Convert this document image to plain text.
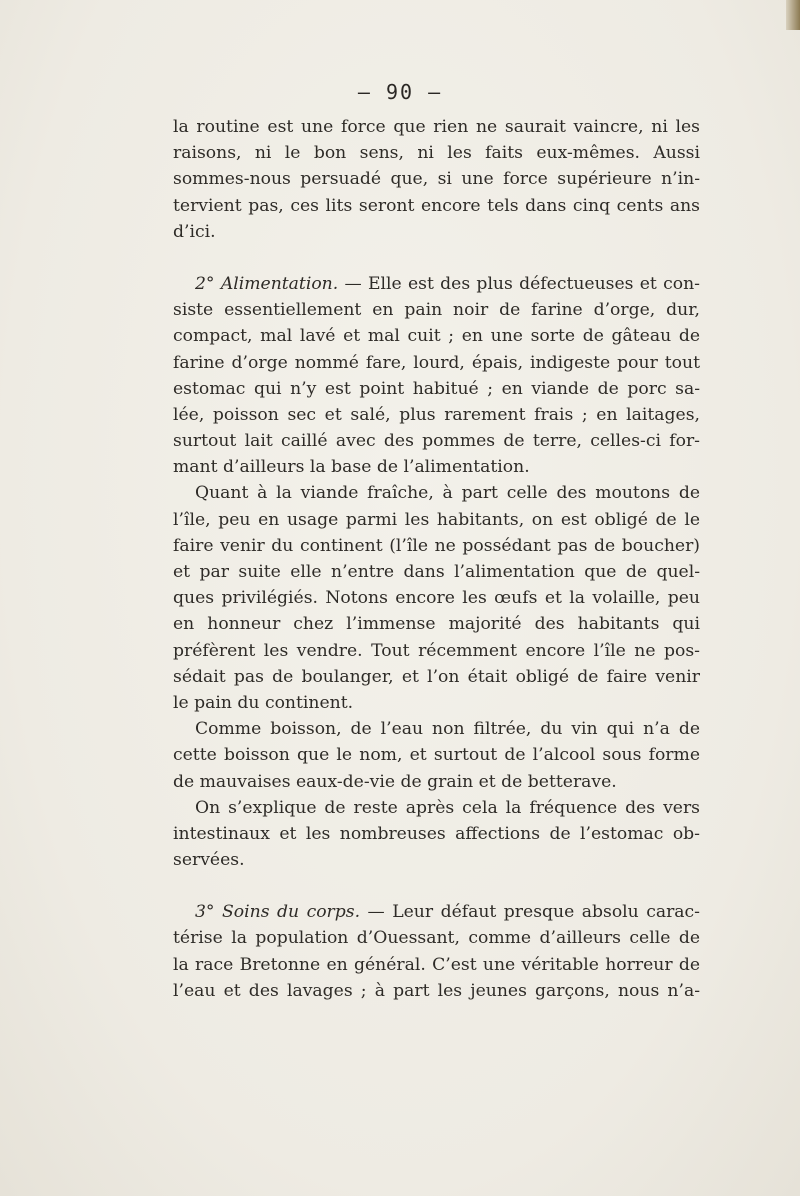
— 90 —
la routine est une force que rien ne saurait vaincre, ni les
raisons, ni le bon sens, ni les faits eux-mêmes. Aussi
sommes-nous persuadé que, si une force supérieure n’in-
tervient pas, ces lits seront encore tels dans cinq cents ans
d’ici.
2° Alimentation. — Elle est des plus défectueuses et con-
siste essentiellement en pain noir de farine d’orge, dur,
compact, mal lavé et mal cuit ; en une sorte de gâteau de
farine d’orge nommé fare, lourd, épais, indigeste pour tout
estomac qui n’y est point habitué ; en viande de porc sa-
lée, poisson sec et salé, plus rarement frais ; en laitages,
surtout lait caillé avec des pommes de terre, celles-ci for-
mant d’ailleurs la base de l’alimentation.
Quant à la viande fraîche, à part celle des moutons de
l’île, peu en usage parmi les habitants, on est obligé de le
faire venir du continent (l’île ne possédant pas de boucher)
et par suite elle n’entre dans l’alimentation que de quel-
ques privilégiés. Notons encore les œufs et la volaille, peu
en honneur chez l’immense majorité des habitants qui
préfèrent les vendre. Tout récemment encore l’île ne pos-
sédait pas de boulanger, et l’on était obligé de faire venir
le pain du continent.
Comme boisson, de l’eau non filtrée, du vin qui n’a de
cette boisson que le nom, et surtout de l’alcool sous forme
de mauvaises eaux-de-vie de grain et de betterave.
On s’explique de reste après cela la fréquence des vers
intestinaux et les nombreuses affections de l’estomac ob-
servées.
3° Soins du corps. — Leur défaut presque absolu carac-
térise la population d’Ouessant, comme d’ailleurs celle de
la race Bretonne en général. C’est une véritable horreur de
l’eau et des lavages ; à part les jeunes garçons, nous n’a-
